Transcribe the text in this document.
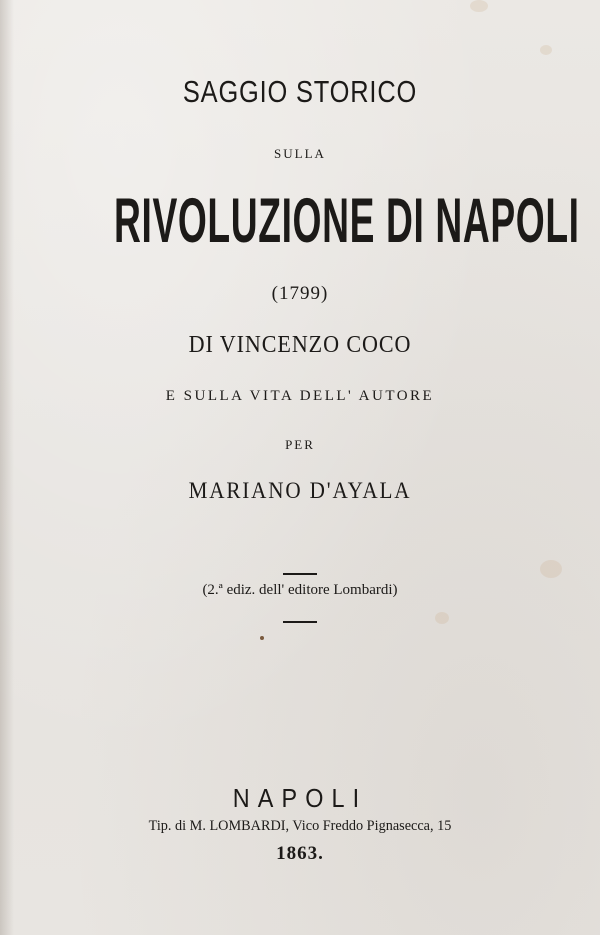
SAGGIO STORICO
SULLA
RIVOLUZIONE DI NAPOLI
(1799)
DI VINCENZO COCO
E SULLA VITA DELL' AUTORE
PER
MARIANO D'AYALA
(2.ª ediz. dell' editore Lombardi)
NAPOLI
Tip. di M. LOMBARDI, Vico Freddo Pignasecca, 15
1863.
